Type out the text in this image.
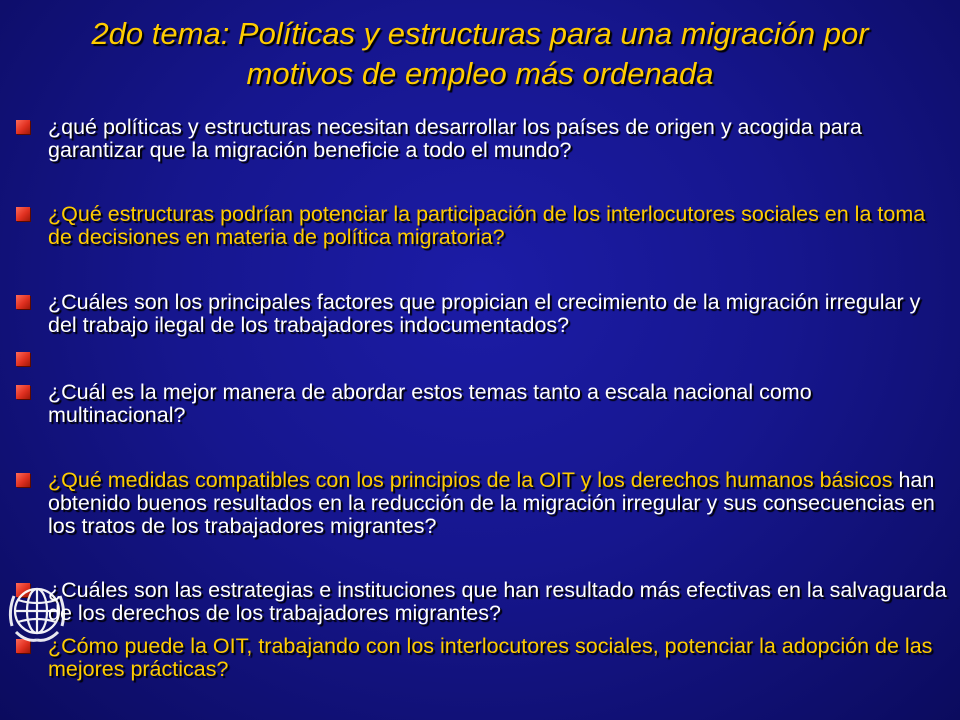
2do tema: Políticas y estructuras para una migración por
motivos de empleo más ordenada
¿qué políticas y estructuras necesitan desarrollar los países de origen y acogida para garantizar que la migración beneficie a todo el mundo?
¿Qué estructuras podrían potenciar la participación de los interlocutores sociales en la toma de decisiones en materia de política migratoria?
¿Cuáles son los principales factores que propician el crecimiento de la migración irregular y del trabajo ilegal de los trabajadores indocumentados?
¿Cuál es la mejor manera de abordar estos temas tanto a escala nacional como multinacional?
¿Qué medidas compatibles con los principios de la OIT y los derechos humanos básicos han obtenido buenos resultados en la reducción de la migración irregular y sus consecuencias en los tratos de los trabajadores migrantes?
¿Cuáles son las estrategias e instituciones que han resultado más efectivas en la salvaguarda de los derechos de los trabajadores migrantes?
¿Cómo puede la OIT, trabajando con los interlocutores sociales, potenciar la adopción de las mejores prácticas?
